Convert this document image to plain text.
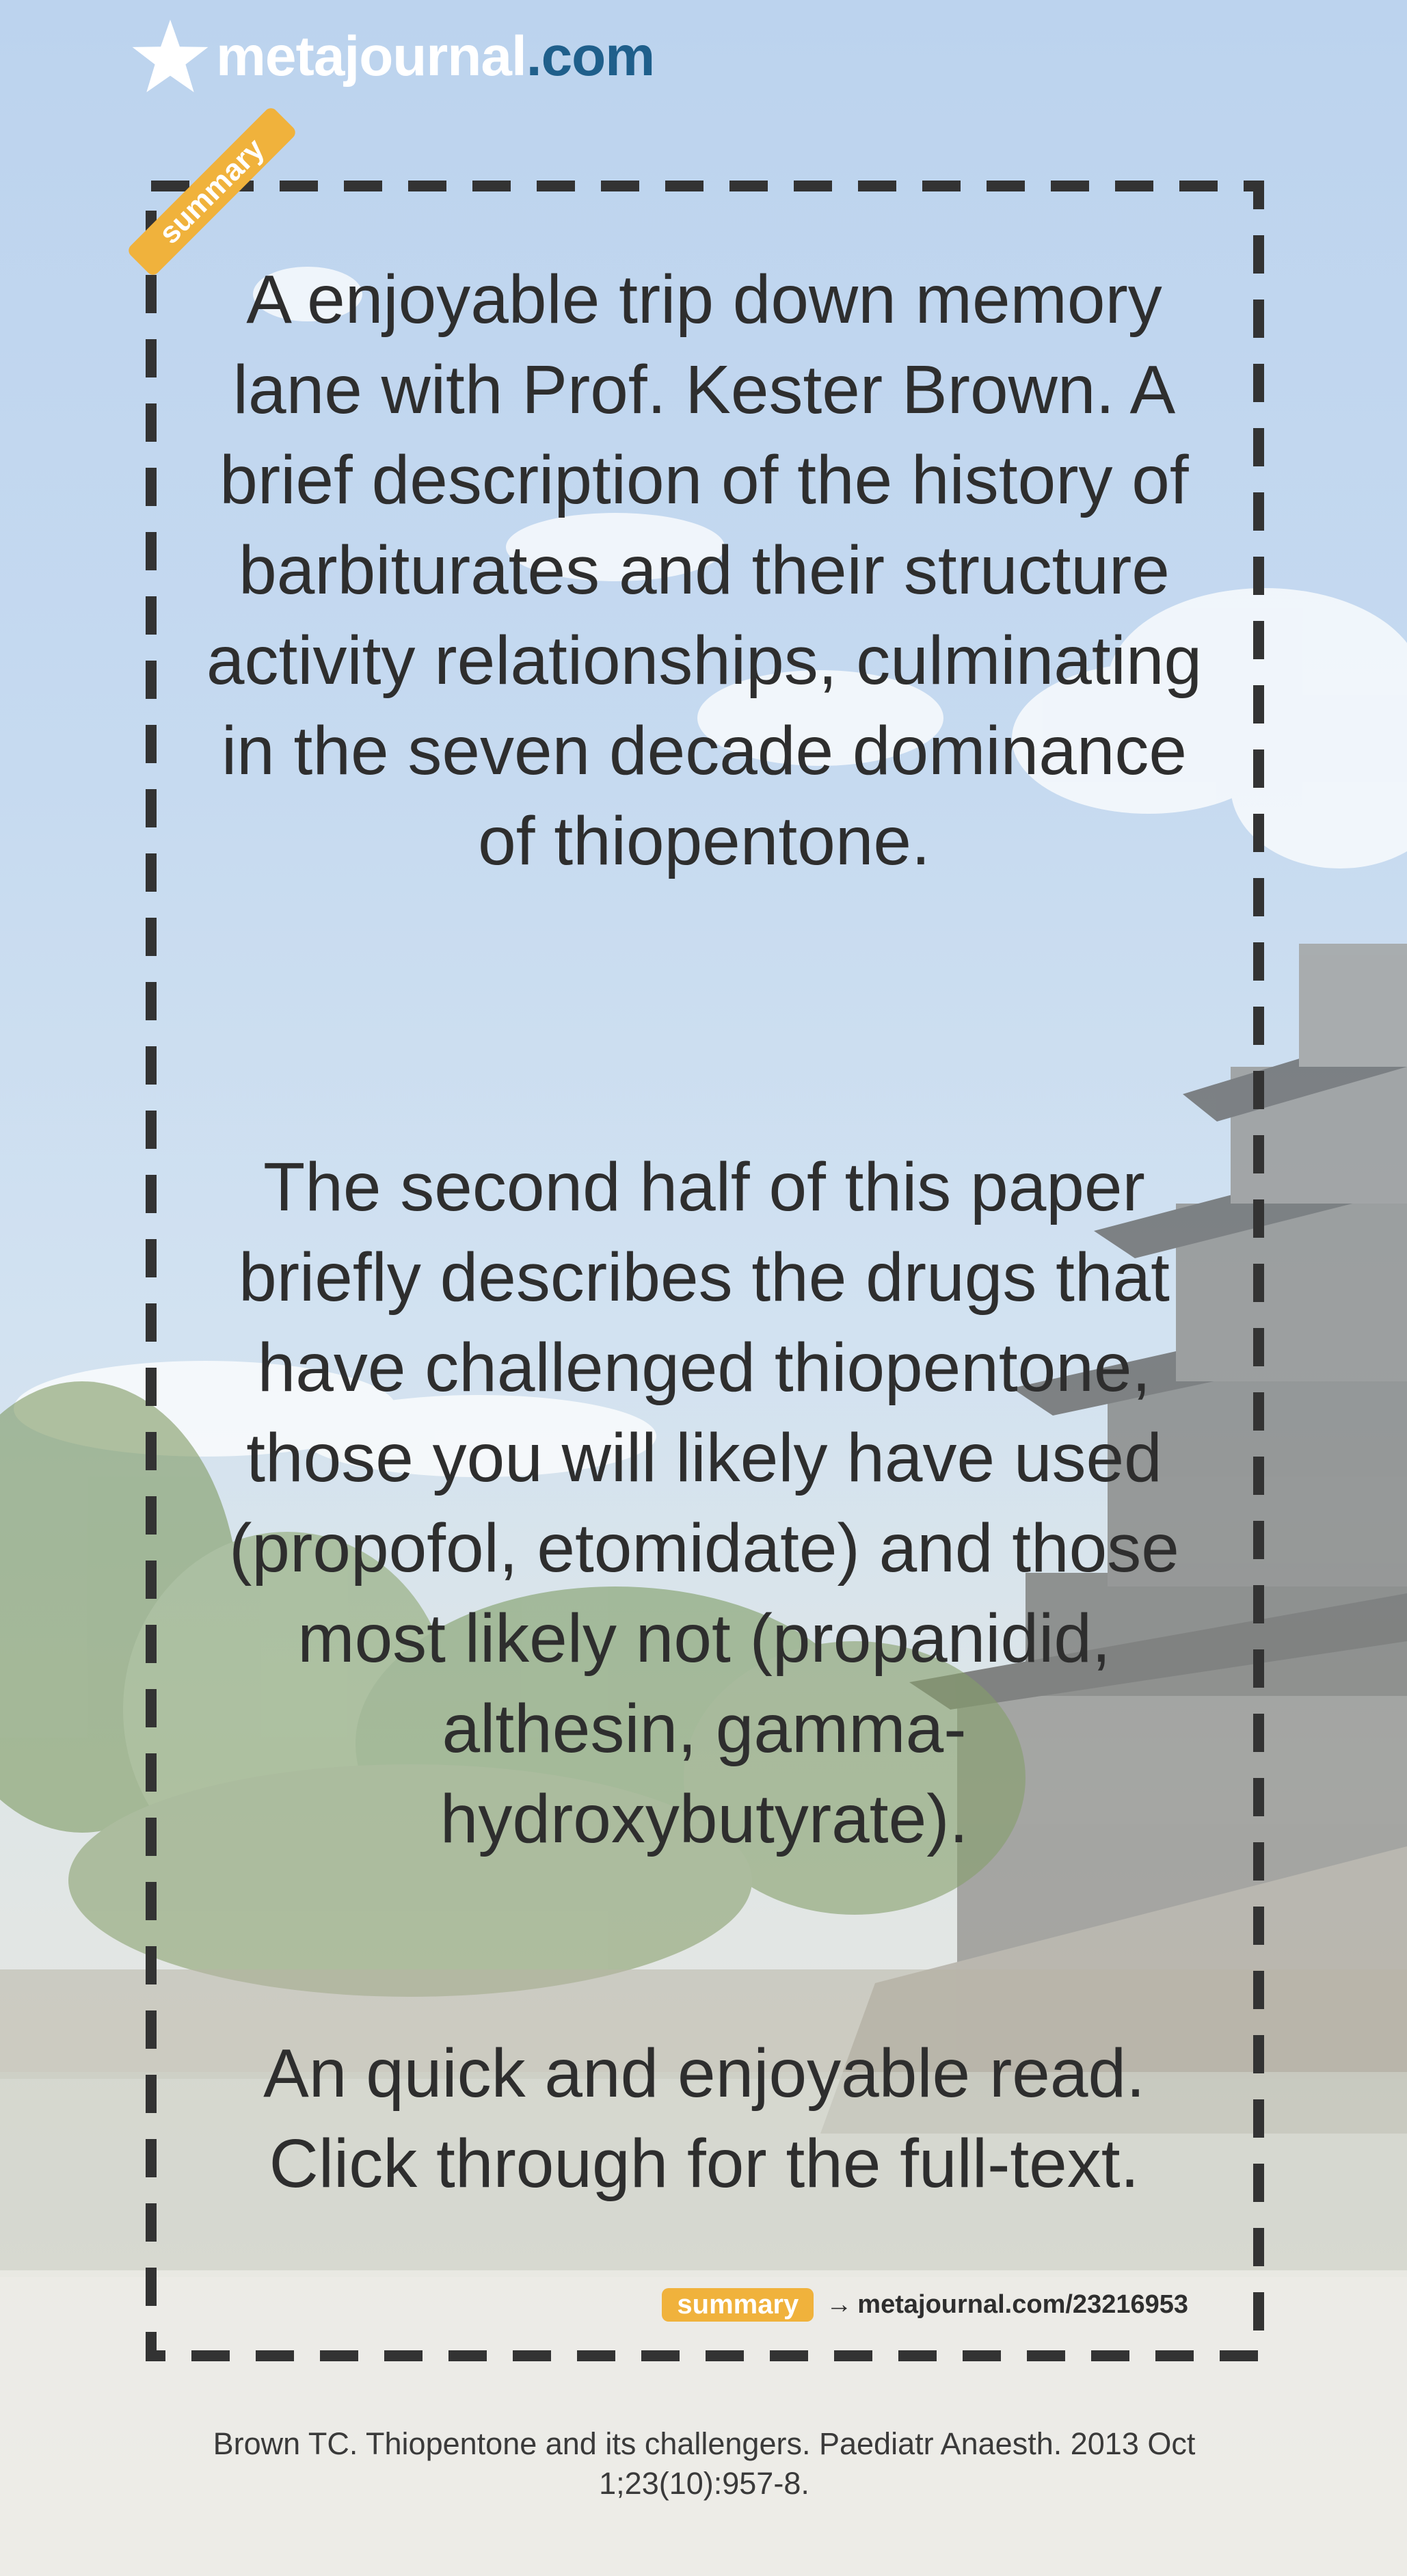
metajournal .com
summary

A enjoyable trip down memory lane with Prof. Kester Brown. A brief description of the history of barbiturates and their structure activity relationships, culminating in the seven decade dominance of thiopentone.

The second half of this paper briefly describes the drugs that have challenged thiopentone, those you will likely have used (propofol, etomidate) and those most likely not (propanidid, althesin, gamma-hydroxybutyrate).

An quick and enjoyable read. Click through for the full-text.

summary	→ metajournal.com/23216953
Brown TC. Thiopentone and its challengers. Paediatr Anaesth. 2013 Oct 1;23(10):957-8.
